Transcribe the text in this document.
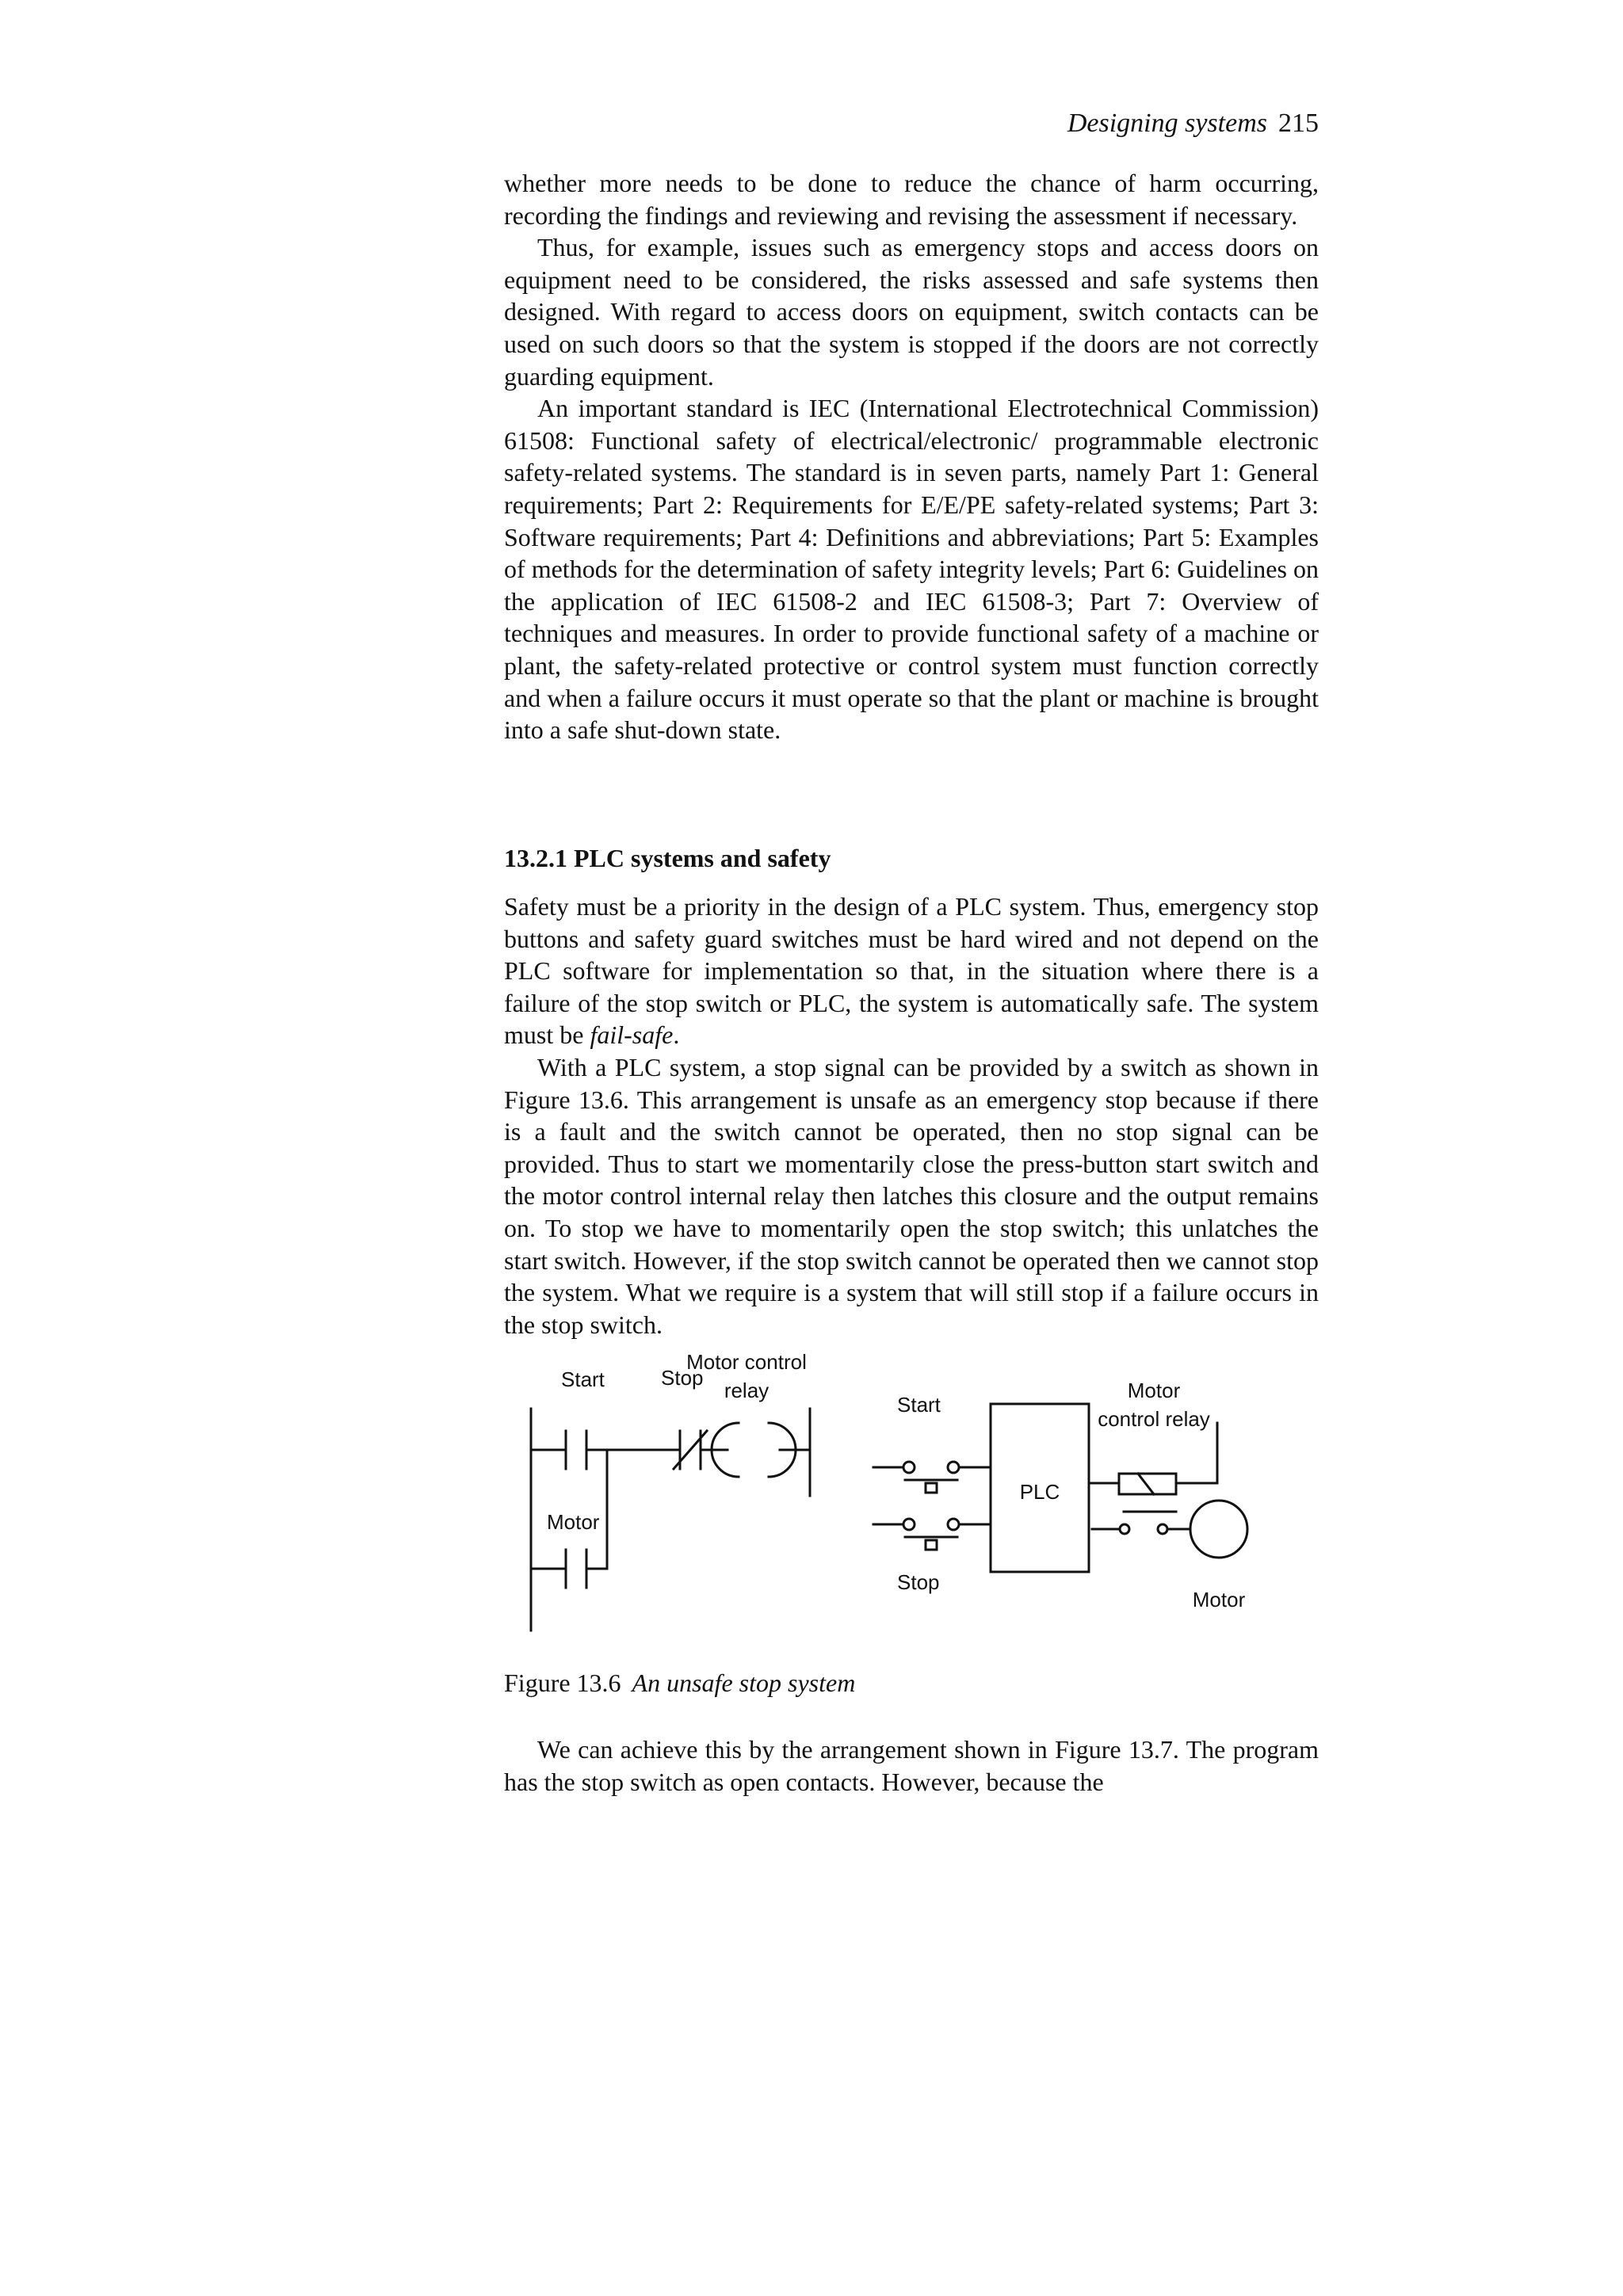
Designing systems 215

whether more needs to be done to reduce the chance of harm occurring, recording the findings and reviewing and revising the assessment if necessary.

Thus, for example, issues such as emergency stops and access doors on equipment need to be considered, the risks assessed and safe systems then designed. With regard to access doors on equipment, switch contacts can be used on such doors so that the system is stopped if the doors are not correctly guarding equipment.

An important standard is IEC (International Electrotechnical Commission) 61508: Functional safety of electrical/electronic/ programmable electronic safety-related systems. The standard is in seven parts, namely Part 1: General requirements; Part 2: Requirements for E/E/PE safety-related systems; Part 3: Software requirements; Part 4: Definitions and abbreviations; Part 5: Examples of methods for the determination of safety integrity levels; Part 6: Guidelines on the application of IEC 61508-2 and IEC 61508-3; Part 7: Overview of techniques and measures. In order to provide functional safety of a machine or plant, the safety-related protective or control system must function correctly and when a failure occurs it must operate so that the plant or machine is brought into a safe shut-down state.

13.2.1 PLC systems and safety

Safety must be a priority in the design of a PLC system. Thus, emergency stop buttons and safety guard switches must be hard wired and not depend on the PLC software for implementation so that, in the situation where there is a failure of the stop switch or PLC, the system is automatically safe. The system must be fail-safe.

With a PLC system, a stop signal can be provided by a switch as shown in Figure 13.6. This arrangement is unsafe as an emergency stop because if there is a fault and the switch cannot be operated, then no stop signal can be provided. Thus to start we momentarily close the press-button start switch and the motor control internal relay then latches this closure and the output remains on. To stop we have to momentarily open the stop switch; this unlatches the start switch. However, if the stop switch cannot be operated then we cannot stop the system. What we require is a system that will still stop if a failure occurs in the stop switch.

Start	Stop
Motor control
relay
Motor
Start
Stop
PLC
Motor
control relay
Motor
Figure 13.6 An unsafe stop system

We can achieve this by the arrangement shown in Figure 13.7. The program has the stop switch as open contacts. However, because the
